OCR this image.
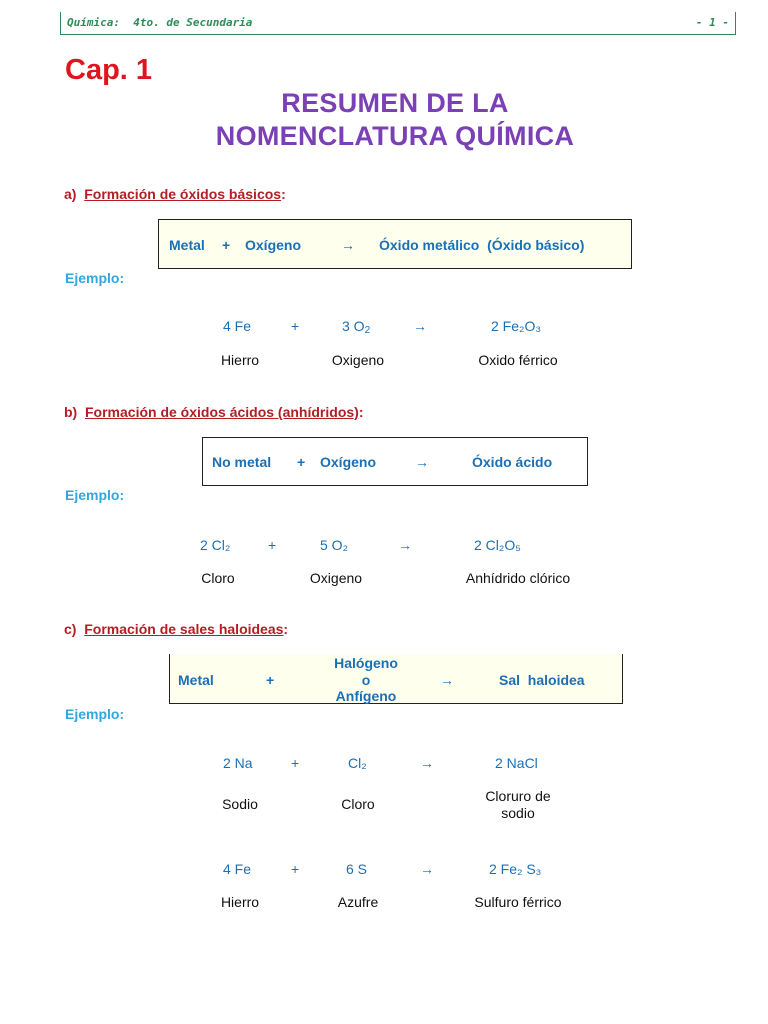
Química:  4to. de Secundaria	- 1 -
Cap. 1
RESUMEN DE LA
NOMENCLATURA QUÍMICA
a) Formación de óxidos básicos:
Metal + Oxígeno	→ Óxido metálico  (Óxido básico)
Ejemplo:
4 Fe	+	3 $O_2$	→	2 Fe₂O₃
Hierro	Oxigeno	Oxido férrico
b) Formación de óxidos ácidos (anhídridos):
No metal + Oxígeno	→	Óxido ácido
Ejemplo:
2 Cl₂	+	5 O₂	→	2 Cl₂O₅
Cloro	Oxigeno	Anhídrido clórico
c) Formación de sales haloideas:
Metal	+
Halógeno
o
Anfígeno
→	Sal  haloidea
Ejemplo:
2 Na	+	Cl₂	→	2 NaCl
Sodio	Cloro	Cloruro de
sodio
4 Fe	+	6 S	→	2 Fe₂ S₃
Hierro	Azufre	Sulfuro férrico
